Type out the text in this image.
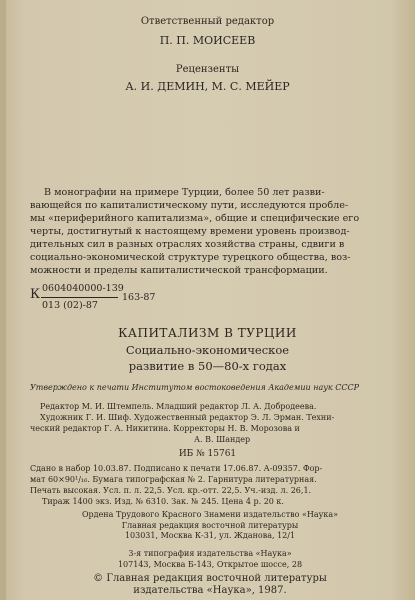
Ответственный редактор
П. П. МОИСЕЕВ
Рецензенты
А. И. ДЕМИН, М. С. МЕЙЕР
В монографии на примере Турции, более 50 лет разви-
вающейся по капиталистическому пути, исследуются пробле-
мы «периферийного капитализма», общие и специфические его
черты, достигнутый к настоящему времени уровень производ-
дительных сил в разных отраслях хозяйства страны, сдвиги в
социально-экономической структуре турецкого общества, воз-
можности и пределы капиталистической трансформации.
К 0604040000-139
163-87
013 (02)-87
КАПИТАЛИЗМ В ТУРЦИИ
Социально-экономическое
развитие в 50—80-х годах
Утверждено к печати Институтом востоковедения Академии наук СССР
Редактор М. И. Штемпель. Младший редактор Л. А. Добродеева.
Художник Г. И. Шиф. Художественный редактор Э. Л. Эрман. Техни-
ческий редактор Г. А. Никитина. Корректоры Н. В. Морозова и
А. В. Шандер
ИБ № 15761
Сдано в набор 10.03.87. Подписано к печати 17.06.87. А-09357. Фор-
мат 60×90¹/₁₆. Бумага типографская № 2. Гарнитура литературная.
Печать высокая. Усл. п. л. 22,5. Усл. кр.-отт. 22,5. Уч.-изд. л. 26,1.
Тираж 1400 экз. Изд. № 6310. Зак. № 245. Цена 4 р. 20 к.
Ордена Трудового Красного Знамени издательство «Наука»
Главная редакция восточной литературы
103031, Москва К-31, ул. Жданова, 12/1
3-я типография издательства «Наука»
107143, Москва Б-143, Открытое шоссе, 28
© Главная редакция восточной литературы
издательства «Наука», 1987.
